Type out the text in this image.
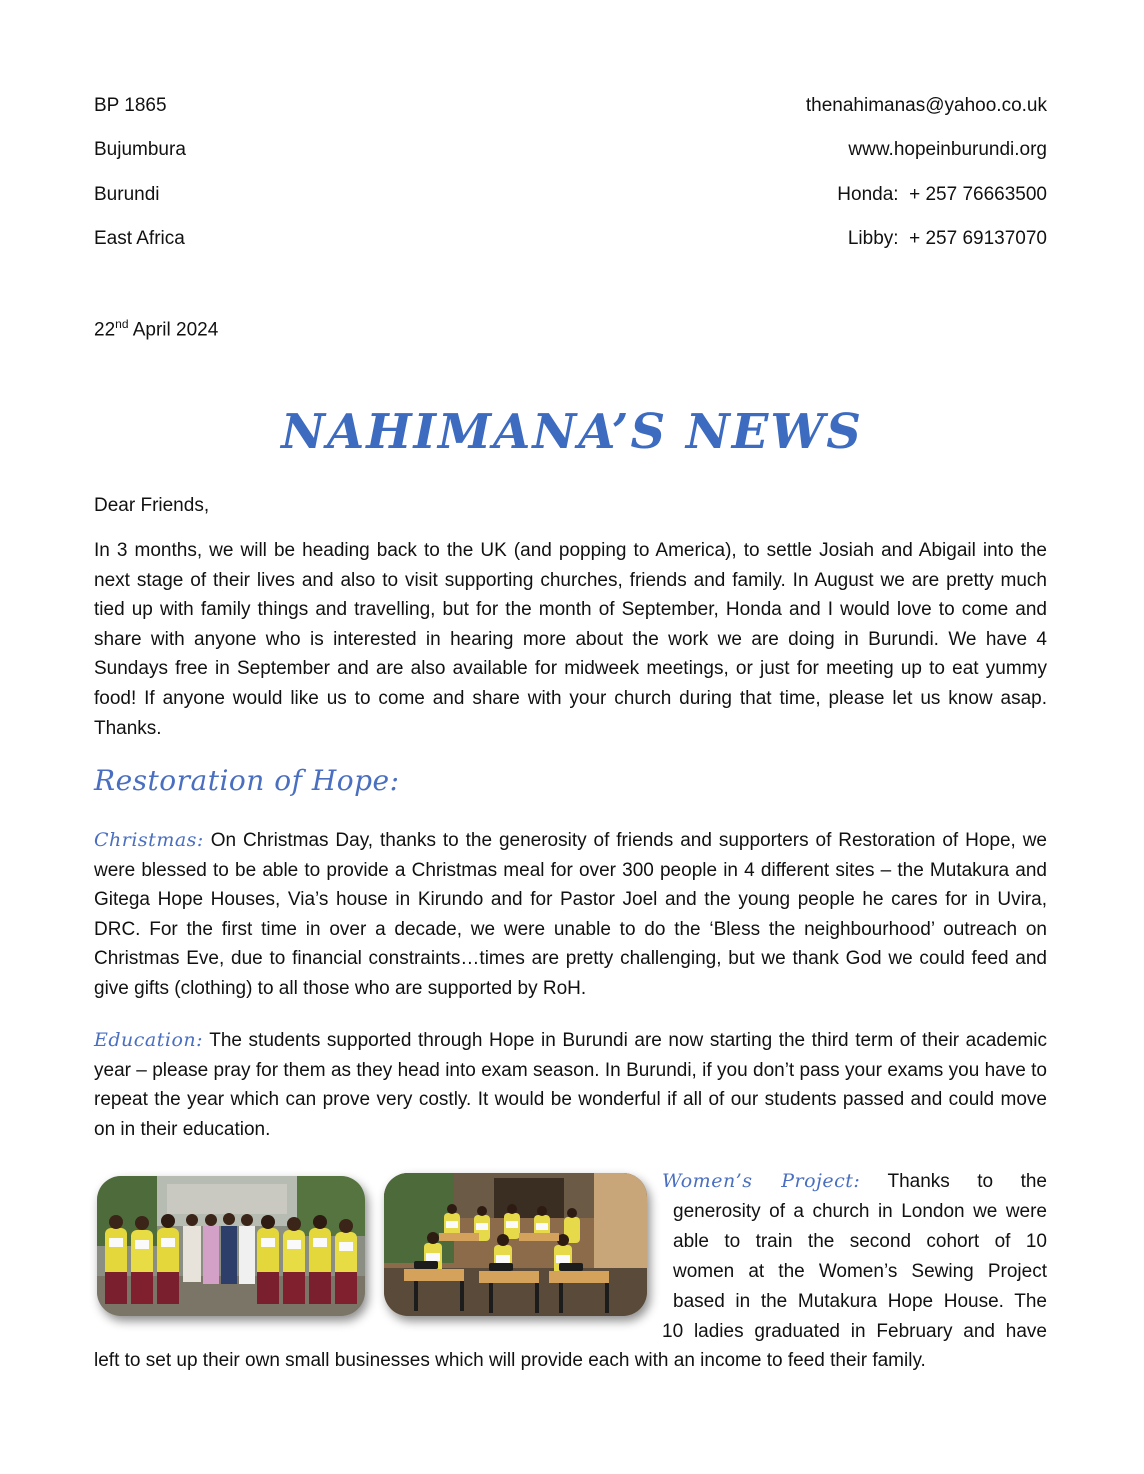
BP 1865
Bujumbura
Burundi
East Africa
thenahimanas@yahoo.co.uk
www.hopeinburundi.org
Honda:  + 257 76663500
Libby:  + 257 69137070
22nd April 2024
NAHIMANA’S NEWS
Dear Friends,
In 3 months, we will be heading back to the UK (and popping to America), to settle Josiah and Abigail into the next stage of their lives and also to visit supporting churches, friends and family. In August we are pretty much tied up with family things and travelling, but for the month of September, Honda and I would love to come and share with anyone who is interested in hearing more about the work we are doing in Burundi. We have 4 Sundays free in September and are also available for midweek meetings, or just for meeting up to eat yummy food! If anyone would like us to come and share with your church during that time, please let us know asap. Thanks.
Restoration of Hope:
Christmas: On Christmas Day, thanks to the generosity of friends and supporters of Restoration of Hope, we were blessed to be able to provide a Christmas meal for over 300 people in 4 different sites – the Mutakura and Gitega Hope Houses, Via’s house in Kirundo and for Pastor Joel and the young people he cares for in Uvira, DRC. For the first time in over a decade, we were unable to do the ‘Bless the neighbourhood’ outreach on Christmas Eve, due to financial constraints…times are pretty challenging, but we thank God we could feed and give gifts (clothing) to all those who are supported by RoH.
Education: The students supported through Hope in Burundi are now starting the third term of their academic year – please pray for them as they head into exam season. In Burundi, if you don’t pass your exams you have to repeat the year which can prove very costly. It would be wonderful if all of our students passed and could move on in their education.
Women’s Project: Thanks to the
generosity of a church in London we were
able to train the second cohort of 10
women at the Women’s Sewing Project
based in the Mutakura Hope House. The
10 ladies graduated in February and have
left to set up their own small businesses which will provide each with an income to feed their family.
